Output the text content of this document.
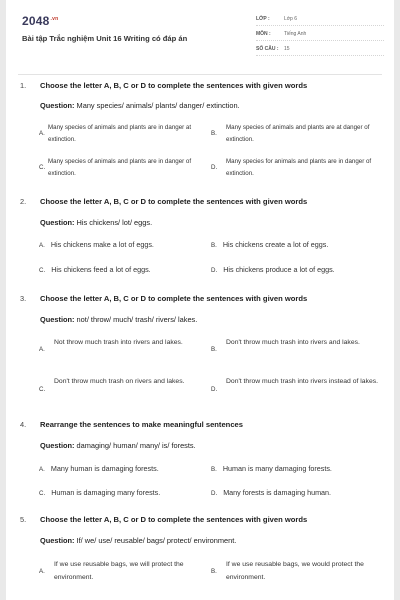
$2048^{.vn}$
Bài tập Trắc nghiệm Unit 16 Writing có đáp án
LỚP :	Lớp 6
MÔN :	Tiếng Anh
SỐ CÂU : 15
1. Choose the letter A, B, C or D to complete the sentences with given words
Question: Many species/ animals/ plants/ danger/ extinction.
A.
Many species of animals and plants are in danger at extinction.
B.
Many species of animals and plants are at danger of extinction.
C.
Many species of animals and plants are in danger of extinction.
D.
Many species for animals and plants are in danger of extinction.
2. Choose the letter A, B, C or D to complete the sentences with given words
Question: His chickens/ lot/ eggs.
A. His chickens make a lot of eggs.	B. His chickens create a lot of eggs.
C. His chickens feed a lot of eggs.	D. His chickens produce a lot of eggs.
3. Choose the letter A, B, C or D to complete the sentences with given words
Question: not/ throw/ much/ trash/ rivers/ lakes.
A.
Not throw much trash into rivers and lakes.
B.
Don't throw much trash into rivers and lakes.
C.
Don't throw much trash on rivers and lakes.
D.
Don't throw much trash into rivers instead of lakes.
4. Rearrange the sentences to make meaningful sentences
Question: damaging/ human/ many/ is/ forests.
A. Many human is damaging forests.	B. Human is many damaging forests.
C. Human is damaging many forests.	D. Many forests is damaging human.
5. Choose the letter A, B, C or D to complete the sentences with given words
Question: If/ we/ use/ reusable/ bags/ protect/ environment.
A.
If we use reusable bags, we will protect the environment.
B.
If we use reusable bags, we would protect the environment.
